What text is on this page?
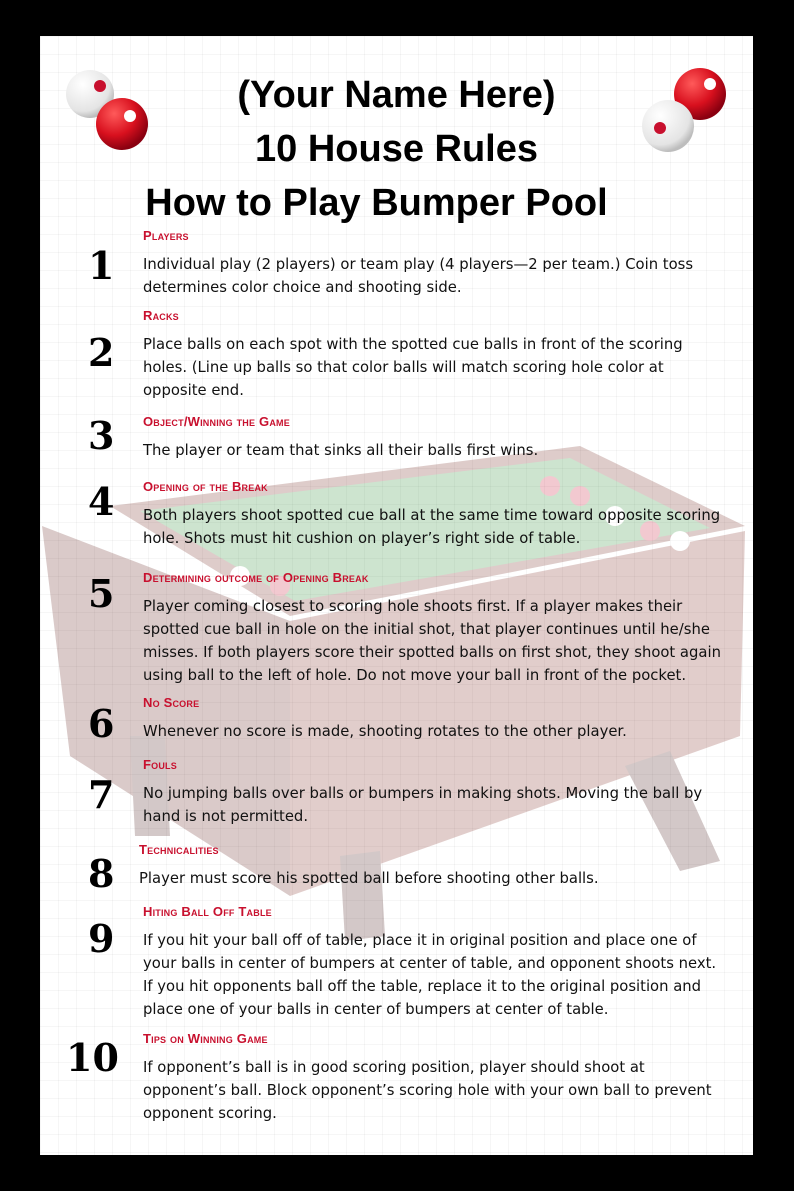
(Your Name Here)
10 House Rules
How to Play Bumper Pool
1
Players
Individual play (2 players) or team play (4 players—2 per team.) Coin toss determines color choice and shooting side.
2
Racks
Place balls on each spot with the spotted cue balls in front of the scoring holes. (Line up balls so that color balls will match scoring hole color at opposite end.
3 Object/Winning the Game
The player or team that sinks all their balls first wins.
4 Opening of the Break
Both players shoot spotted cue ball at the same time toward opposite scoring hole. Shots must hit cushion on player’s right side of table.
5 Determining outcome of Opening Break
Player coming closest to scoring hole shoots first. If a player makes their spotted cue ball in hole on the initial shot, that player continues until he/she misses. If both players score their spotted balls on first shot, they shoot again using ball to the left of hole. Do not move your ball in front of the pocket.
6 No Score
Whenever no score is made, shooting rotates to the other player.
7
Fouls
No jumping balls over balls or bumpers in making shots. Moving the ball by hand is not permitted.
8
Technicalities
Player must score his spotted ball before shooting other balls.
9
Hiting Ball Off Table
If you hit your ball off of table, place it in original position and place one of your balls in center of bumpers at center of table, and opponent shoots next. If you hit opponents ball off the table, replace it to the original position and place one of your balls in center of bumpers at center of table.
10 Tips on Winning Game
If opponent’s ball is in good scoring position, player should shoot at opponent’s ball. Block opponent’s scoring hole with your own ball to prevent opponent scoring.
